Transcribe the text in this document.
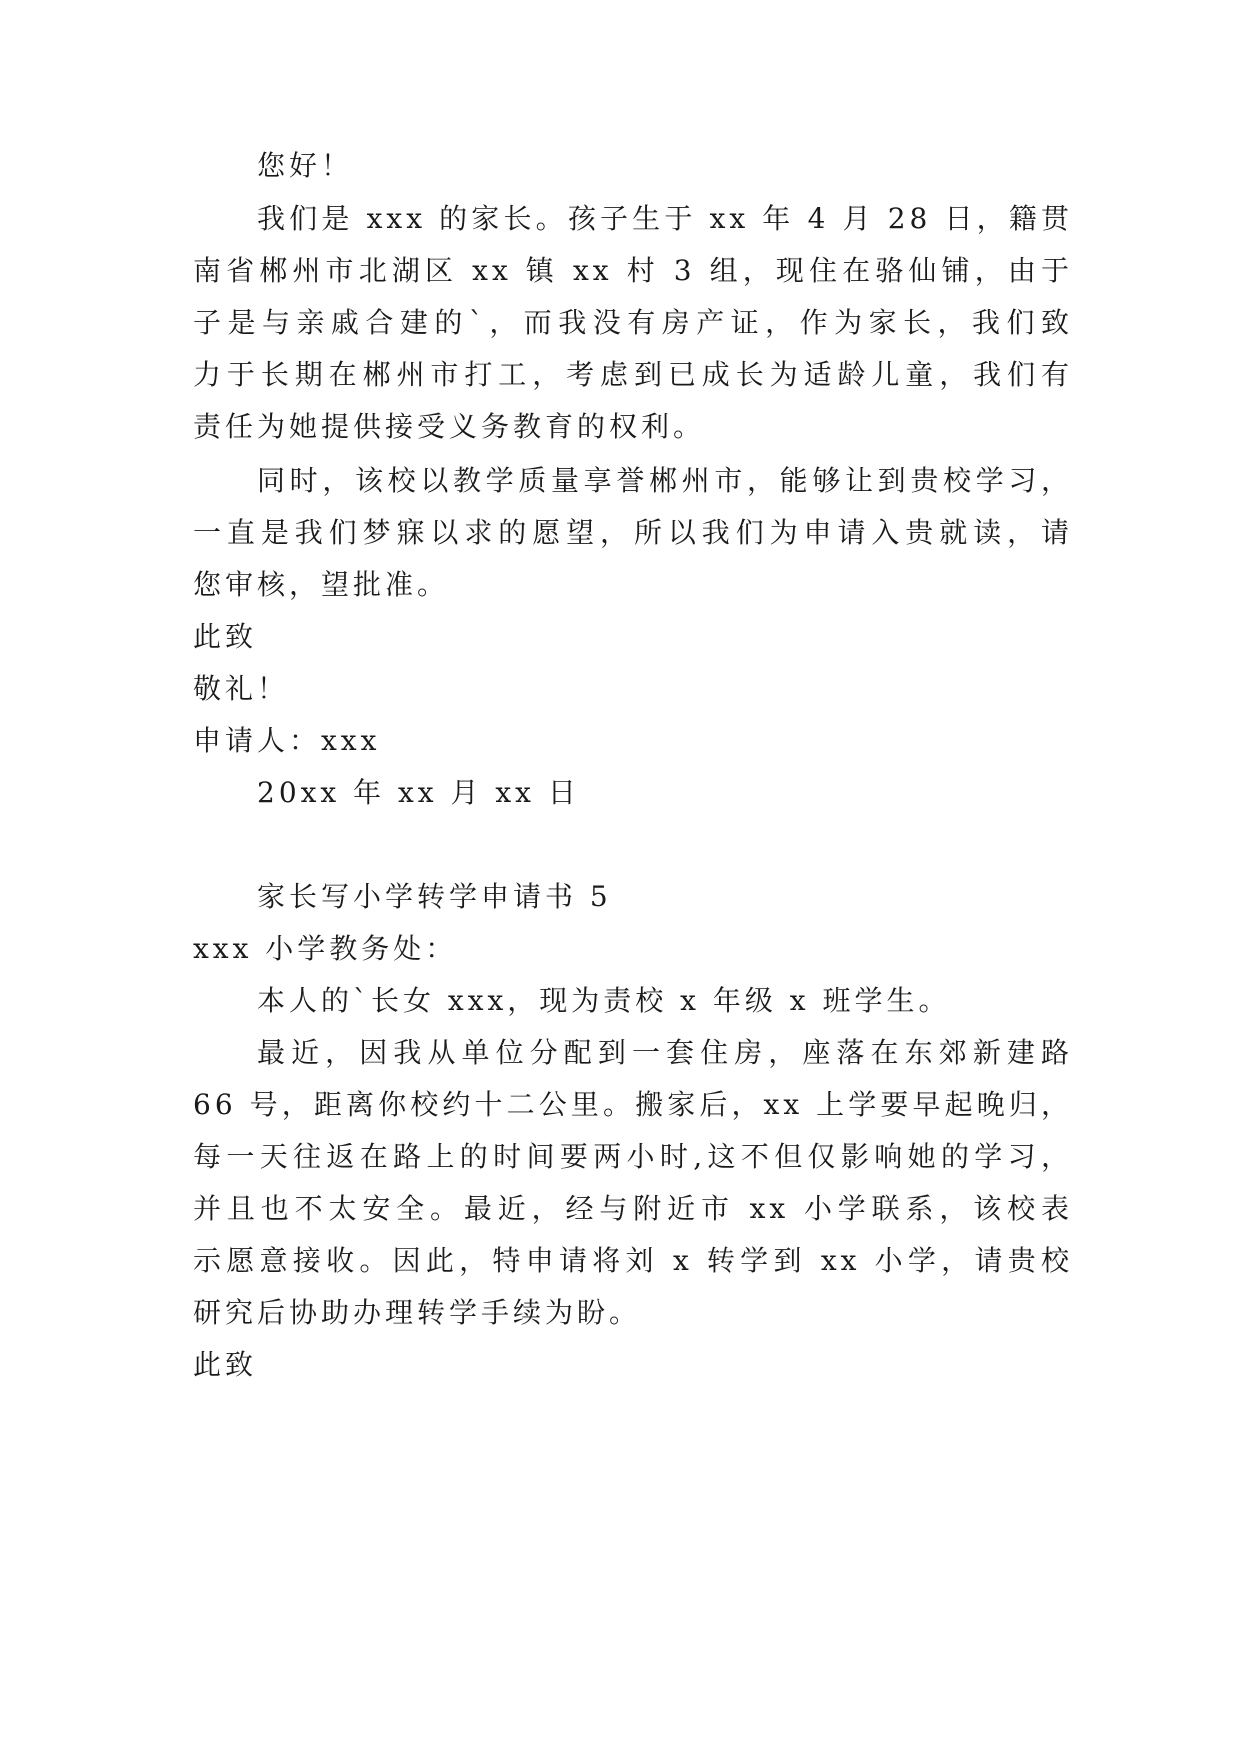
您好！
我们是 xxx 的家长。孩子生于 xx 年 4 月 28 日，籍贯
南省郴州市北湖区 xx 镇 xx 村 3 组，现住在骆仙铺，由于
子是与亲戚合建的`，而我没有房产证，作为家长，我们致
力于长期在郴州市打工，考虑到已成长为适龄儿童，我们有
责任为她提供接受义务教育的权利。
同时，该校以教学质量享誉郴州市，能够让到贵校学习，
一直是我们梦寐以求的愿望，所以我们为申请入贵就读，请
您审核，望批准。
此致
敬礼！
申请人：xxx
20xx 年 xx 月 xx 日
家长写小学转学申请书 5
xxx 小学教务处：
本人的`长女 xxx，现为责校 x 年级 x 班学生。
最近，因我从单位分配到一套住房，座落在东郊新建路
66 号，距离你校约十二公里。搬家后，xx 上学要早起晚归，
每一天往返在路上的时间要两小时,这不但仅影响她的学习，
并且也不太安全。最近，经与附近市 xx 小学联系，该校表
示愿意接收。因此，特申请将刘 x 转学到 xx 小学，请贵校
研究后协助办理转学手续为盼。
此致
